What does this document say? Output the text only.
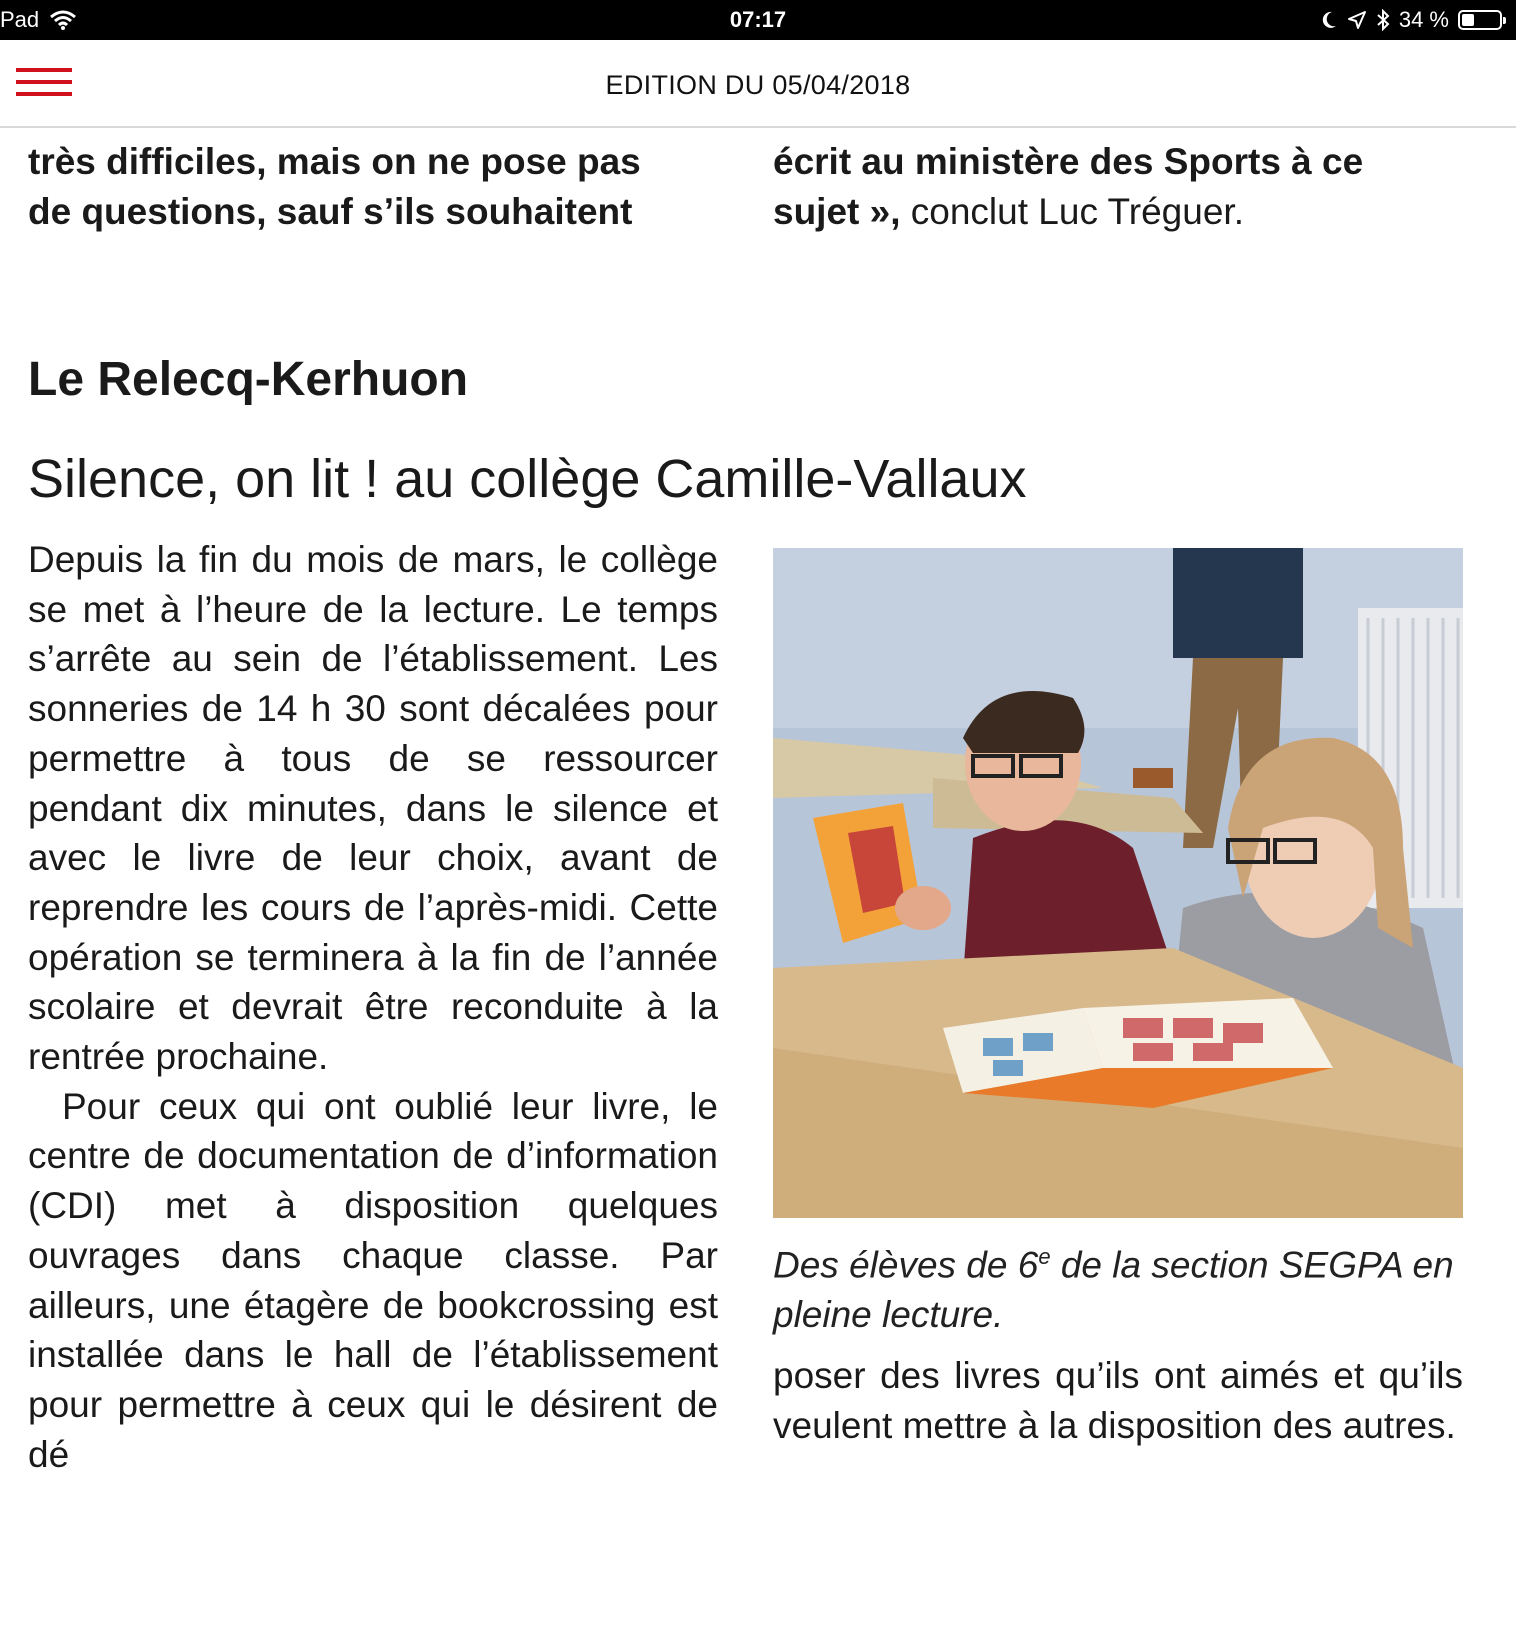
Pad	07:17	34 %
EDITION DU 05/04/2018

très difficiles, mais on ne pose pas

de questions, sauf s’ils souhaitent

écrit au ministère des Sports à ce

sujet », conclut Luc Tréguer.

Le Relecq-Kerhuon
Silence, on lit ! au collège Camille-Vallaux

Depuis la fin du mois de mars, le collège se met à l’heure de la lecture. Le temps s’arrête au sein de l’établissement. Les sonneries de 14 h 30 sont décalées pour permettre à tous de se ressourcer pendant dix minutes, dans le silence et avec le livre de leur choix, avant de reprendre les cours de l’après-midi. Cette opération se terminera à la fin de l’année scolaire et devrait être reconduite à la rentrée prochaine.

Pour ceux qui ont oublié leur livre, le centre de documentation de d’information (CDI) met à disposition quelques ouvrages dans chaque classe. Par ailleurs, une étagère de bookcrossing est installée dans le hall de l’établissement pour permettre à ceux qui le désirent de dé

Des élèves de 6e de la section SEGPA en pleine lecture.

poser des livres qu’ils ont aimés et qu’ils veulent mettre à la disposition des autres.
